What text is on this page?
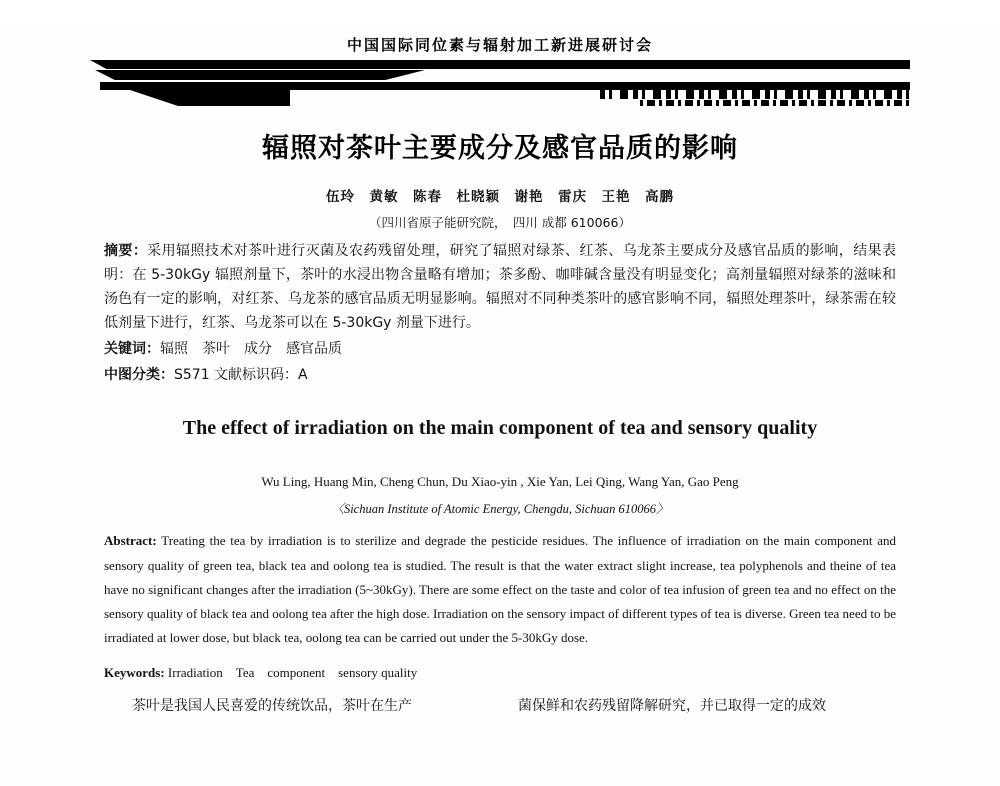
中国国际同位素与辐射加工新进展研讨会
辐照对茶叶主要成分及感官品质的影响
伍玲　黄敏　陈春　杜晓颖　谢艳　雷庆　王艳　高鹏
（四川省原子能研究院，　四川 成都 610066）
摘要：采用辐照技术对茶叶进行灭菌及农药残留处理，研究了辐照对绿茶、红茶、乌龙茶主要成分及感官品质的影响，结果表明：在 5-30kGy 辐照剂量下，茶叶的水浸出物含量略有增加；茶多酚、咖啡碱含量没有明显变化；高剂量辐照对绿茶的滋味和汤色有一定的影响，对红茶、乌龙茶的感官品质无明显影响。辐照对不同种类茶叶的感官影响不同，辐照处理茶叶，绿茶需在较低剂量下进行，红茶、乌龙茶可以在 5-30kGy 剂量下进行。
关键词：辐照　茶叶　成分　感官品质
中图分类：S571 文献标识码：A
The effect of irradiation on the main component of tea and sensory quality
Wu Ling, Huang Min, Cheng Chun, Du Xiao-yin , Xie Yan, Lei Qing, Wang Yan, Gao Peng
〈Sichuan Institute of Atomic Energy, Chengdu, Sichuan 610066〉
Abstract: Treating the tea by irradiation is to sterilize and degrade the pesticide residues. The influence of irradiation on the main component and sensory quality of green tea, black tea and oolong tea is studied. The result is that the water extract slight increase, tea polyphenols and theine of tea have no significant changes after the irradiation (5~30kGy). There are some effect on the taste and color of tea infusion of green tea and no effect on the sensory quality of black tea and oolong tea after the high dose. Irradiation on the sensory impact of different types of tea is diverse. Green tea need to be irradiated at lower dose, but black tea, oolong tea can be carried out under the 5-30kGy dose.
Keywords: Irradiation　Tea　component　sensory quality
茶叶是我国人民喜爱的传统饮品，茶叶在生产	菌保鲜和农药残留降解研究，并已取得一定的成效
